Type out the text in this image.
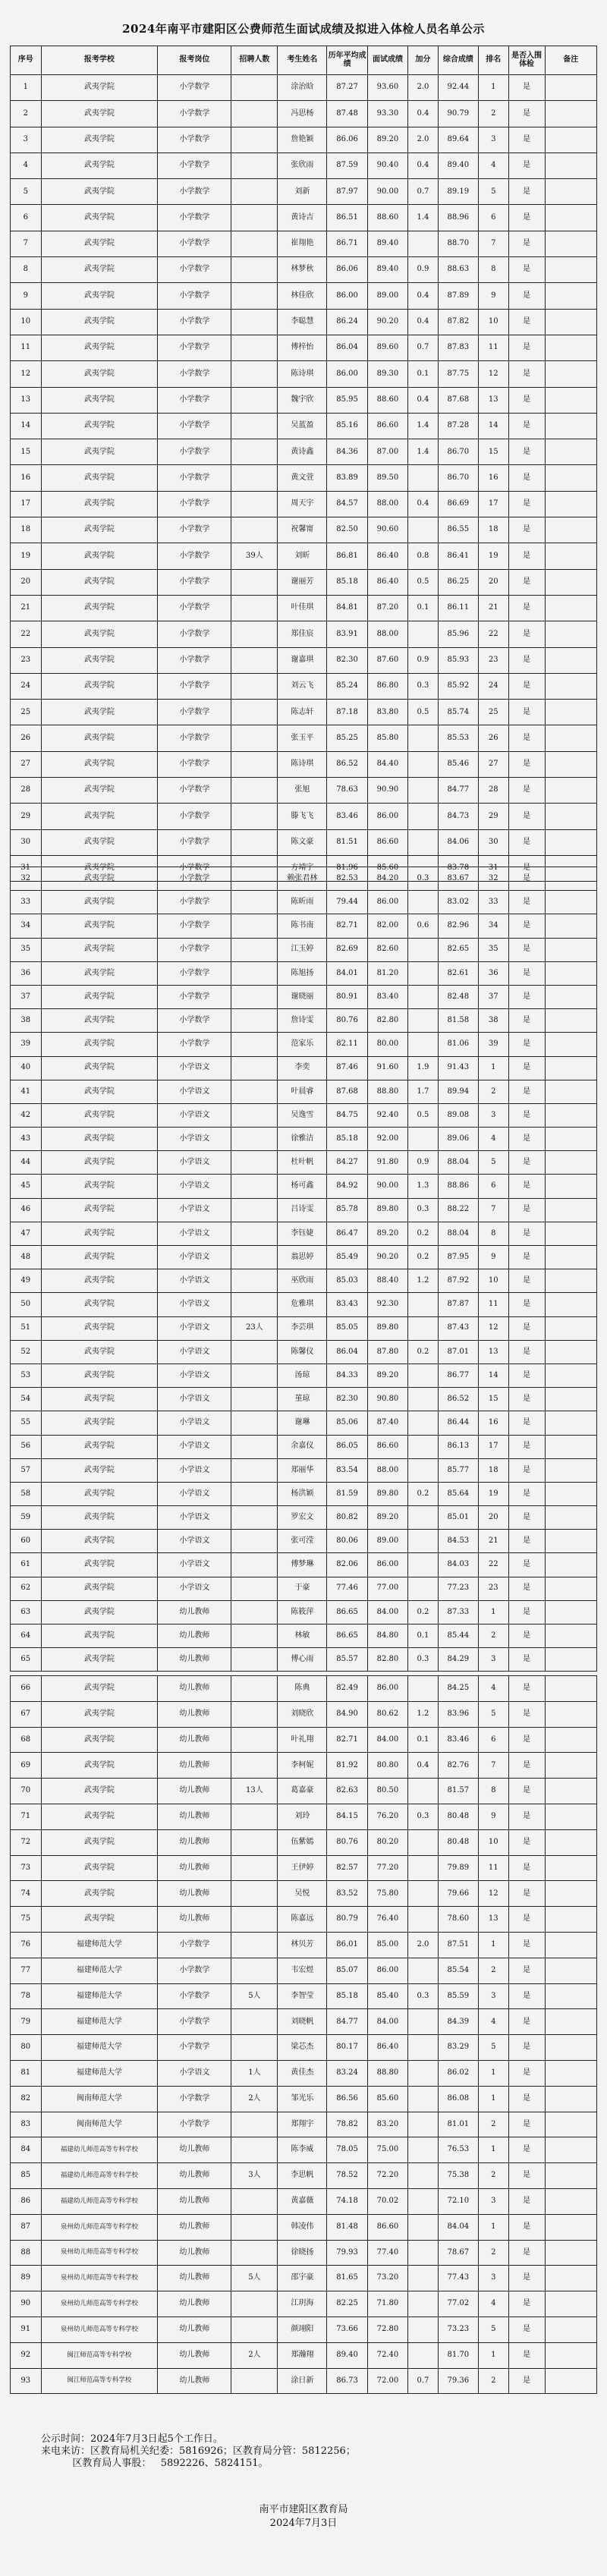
2024年南平市建阳区公费师范生面试成绩及拟进入体检人员名单公示
序号	报考学校	报考岗位	招聘人数	考生姓名	历年平均成绩	面试成绩	加分	综合成绩	排名	是否入围体检	备注
1	武夷学院	小学数学		涂治晗	87.27	93.60	2.0	92.44	1	是	
2	武夷学院	小学数学		冯思杨	87.48	93.30	0.4	90.79	2	是	
3	武夷学院	小学数学		詹艳颖	86.06	89.20	2.0	89.64	3	是	
4	武夷学院	小学数学		张欣雨	87.59	90.40	0.4	89.40	4	是	
5	武夷学院	小学数学		刘新	87.97	90.00	0.7	89.19	5	是	
6	武夷学院	小学数学		黄诗吉	86.51	88.60	1.4	88.96	6	是	
7	武夷学院	小学数学		崔翔艳	86.71	89.40		88.70	7	是	
8	武夷学院	小学数学		林梦秋	86.06	89.40	0.9	88.63	8	是	
9	武夷学院	小学数学		林佳欣	86.00	89.00	0.4	87.89	9	是	
10	武夷学院	小学数学		李聪慧	86.24	90.20	0.4	87.82	10	是	
11	武夷学院	小学数学		傅梓怡	86.04	89.60	0.7	87.83	11	是	
12	武夷学院	小学数学		陈诗琪	86.00	89.30	0.1	87.75	12	是	
13	武夷学院	小学数学		魏宇欣	85.95	88.60	0.4	87.68	13	是	
14	武夷学院	小学数学		吴蓝盈	85.16	86.60	1.4	87.28	14	是	
15	武夷学院	小学数学		黄诗鑫	84.36	87.00	1.4	86.70	15	是	
16	武夷学院	小学数学		黄文萱	83.89	89.50		86.70	16	是	
17	武夷学院	小学数学		周天宇	84.57	88.00	0.4	86.69	17	是	
18	武夷学院	小学数学		祝馨甯	82.50	90.60		86.55	18	是	
19	武夷学院	小学数学	39人	刘昕	86.81	86.40	0.8	86.41	19	是	
20	武夷学院	小学数学		谢丽芳	85.18	86.40	0.5	86.25	20	是	
21	武夷学院	小学数学		叶佳琪	84.81	87.20	0.1	86.11	21	是	
22	武夷学院	小学数学		郑佳宸	83.91	88.00		85.96	22	是	
23	武夷学院	小学数学		谢嘉琪	82.30	87.60	0.9	85.93	23	是	
24	武夷学院	小学数学		刘云飞	85.24	86.80	0.3	85.92	24	是	
25	武夷学院	小学数学		陈志轩	87.18	83.80	0.5	85.74	25	是	
26	武夷学院	小学数学		张玉平	85.25	85.80		85.53	26	是	
27	武夷学院	小学数学		陈诗琪	86.52	84.40		85.46	27	是	
28	武夷学院	小学数学		张旭	78.63	90.90		84.77	28	是	
29	武夷学院	小学数学		滕飞飞	83.46	86.00		84.73	29	是	
30	武夷学院	小学数学		陈文豪	81.51	86.60		84.06	30	是	
31	武夷学院	小学数学		方靖宇	81.96	85.60		83.78	31	是	
32	武夷学院	小学数学		赖张君林	82.53	84.20	0.3	83.67	32	是	
33	武夷学院	小学数学		陈昕雨	79.44	86.00		83.02	33	是	
34	武夷学院	小学数学		陈书南	82.71	82.00	0.6	82.96	34	是	
35	武夷学院	小学数学		江玉婷	82.69	82.60		82.65	35	是	
36	武夷学院	小学数学		陈旭扬	84.01	81.20		82.61	36	是	
37	武夷学院	小学数学		谢晓丽	80.91	83.40		82.48	37	是	
38	武夷学院	小学数学		詹诗雯	80.76	82.80		81.58	38	是	
39	武夷学院	小学数学		范家乐	82.11	80.00		81.06	39	是	
40	武夷学院	小学语文		李奕	87.46	91.60	1.9	91.43	1	是	
41	武夷学院	小学语文		叶晨睿	87.68	88.80	1.7	89.94	2	是	
42	武夷学院	小学语文		吴逸雪	84.75	92.40	0.5	89.08	3	是	
43	武夷学院	小学语文		徐雅洁	85.18	92.00		89.06	4	是	
44	武夷学院	小学语文		杜叶帆	84.27	91.80	0.9	88.04	5	是	
45	武夷学院	小学语文		杨可鑫	84.92	90.00	1.3	88.86	6	是	
46	武夷学院	小学语文		吕诗雯	85.78	89.80	0.3	88.22	7	是	
47	武夷学院	小学语文		李钰婕	86.47	89.20	0.2	88.04	8	是	
48	武夷学院	小学语文		翁思婷	85.49	90.20	0.2	87.95	9	是	
49	武夷学院	小学语文		巫欣雨	85.03	88.40	1.2	87.92	10	是	
50	武夷学院	小学语文		危雅琪	83.43	92.30		87.87	11	是	
51	武夷学院	小学语文	23人	李芸琪	85.05	89.80		87.43	12	是	
52	武夷学院	小学语文		陈馨仪	86.04	87.80	0.2	87.01	13	是	
53	武夷学院	小学语文		汤琼	84.33	89.20		86.77	14	是	
54	武夷学院	小学语文		菫琼	82.30	90.80		86.52	15	是	
55	武夷学院	小学语文		谢琳	85.06	87.40		86.44	16	是	
56	武夷学院	小学语文		余嘉仪	86.05	86.60		86.13	17	是	
57	武夷学院	小学语文		郑丽华	83.54	88.00		85.77	18	是	
58	武夷学院	小学语文		杨洪颖	81.59	89.80	0.2	85.64	19	是	
59	武夷学院	小学语文		罗宏文	80.82	89.20		85.01	20	是	
60	武夷学院	小学语文		张可滢	80.06	89.00		84.53	21	是	
61	武夷学院	小学语文		傅梦琳	82.06	86.00		84.03	22	是	
62	武夷学院	小学语文		于豪	77.46	77.00		77.23	23	是	
63	武夷学院	幼儿教师		陈筱萍	86.65	84.00	0.2	87.33	1	是	
64	武夷学院	幼儿教师		林敏	86.65	84.80	0.1	85.44	2	是	
65	武夷学院	幼儿教师		傅心雨	85.57	82.80	0.3	84.29	3	是	
66	武夷学院	幼儿教师		陈典	82.49	86.00		84.25	4	是	
67	武夷学院	幼儿教师		刘晓欣	84.90	80.62	1.2	83.96	5	是	
68	武夷学院	幼儿教师		叶礼翔	82.71	84.00	0.1	83.46	6	是	
69	武夷学院	幼儿教师		李柯妮	81.92	80.80	0.4	82.76	7	是	
70	武夷学院	幼儿教师	13人	葛嘉豪	82.63	80.50		81.57	8	是	
71	武夷学院	幼儿教师		刘玲	84.15	76.20	0.3	80.48	9	是	
72	武夷学院	幼儿教师		伍紫嫣	80.76	80.20		80.48	10	是	
73	武夷学院	幼儿教师		王伊婷	82.57	77.20		79.89	11	是	
74	武夷学院	幼儿教师		吴悦	83.52	75.80		79.66	12	是	
75	武夷学院	幼儿教师		陈嘉远	80.79	76.40		78.60	13	是	
76	福建师范大学	小学数学		林贝芳	86.01	85.00	2.0	87.51	1	是	
77	福建师范大学	小学数学		韦宏煜	85.07	86.00		85.54	2	是	
78	福建师范大学	小学数学	5人	李智莹	85.18	85.40	0.3	85.59	3	是	
79	福建师范大学	小学数学		刘晓帆	84.77	84.00		84.39	4	是	
80	福建师范大学	小学数学		梁芯杰	80.17	86.40		83.29	5	是	
81	福建师范大学	小学语文	1人	黄佳杰	83.24	88.80		86.02	1	是	
82	闽南师范大学	小学数学	2人	邹光乐	86.56	85.60		86.08	1	是	
83	闽南师范大学	小学数学		郑翔宇	78.82	83.20		81.01	2	是	
84	福建幼儿师范高等专科学校	幼儿教师		陈李威	78.05	75.00		76.53	1	是	
85	福建幼儿师范高等专科学校	幼儿教师	3人	李思帆	78.52	72.20		75.38	2	是	
86	福建幼儿师范高等专科学校	幼儿教师		黄嘉薇	74.18	70.02		72.10	3	是	
87	泉州幼儿师范高等专科学校	幼儿教师		韩凌伟	81.48	86.60		84.04	1	是	
88	泉州幼儿师范高等专科学校	幼儿教师		徐晓扬	79.93	77.40		78.67	2	是	
89	泉州幼儿师范高等专科学校	幼儿教师	5人	邵宇豪	81.65	73.20		77.43	3	是	
90	泉州幼儿师范高等专科学校	幼儿教师		江玥海	82.25	71.80		77.02	4	是	
91	泉州幼儿师范高等专科学校	幼儿教师		颜翊阳	73.66	72.80		73.23	5	是	
92	闽江师范高等专科学校	幼儿教师	2人	郑瀚翔	89.40	72.40		81.70	1	是	
93	闽江师范高等专科学校	幼儿教师		涂日新	86.73	72.00	0.7	79.36	2	是	
公示时间：2024年7月3日起5个工作日。
来电来访：区教育局机关纪委：5816926；区教育局分管：5812256；
区教育局人事股：   5892226、5824151。
南平市建阳区教育局
2024年7月3日
